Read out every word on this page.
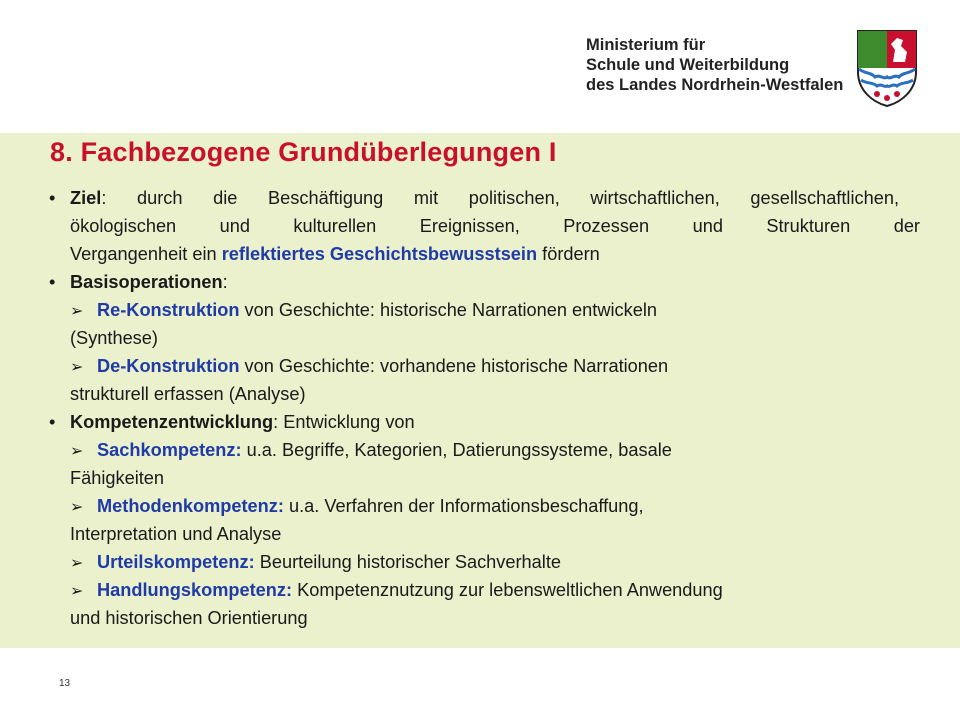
Ministerium für
Schule und Weiterbildung
des Landes Nordrhein-Westfalen
8. Fachbezogene Grundüberlegungen I
• Ziel: durch die Beschäftigung mit politischen, wirtschaftlichen, gesellschaftlichen,
ökologischen und kulturellen Ereignissen, Prozessen und Strukturen der
Vergangenheit ein reflektiertes Geschichtsbewusstsein fördern
• Basisoperationen:
➢ Re-Konstruktion von Geschichte: historische Narrationen entwickeln
(Synthese)
➢ De-Konstruktion von Geschichte: vorhandene historische Narrationen
strukturell erfassen (Analyse)
• Kompetenzentwicklung: Entwicklung von
➢ Sachkompetenz: u.a. Begriffe, Kategorien, Datierungssysteme, basale
Fähigkeiten
➢ Methodenkompetenz: u.a. Verfahren der Informationsbeschaffung,
Interpretation und Analyse
➢ Urteilskompetenz: Beurteilung historischer Sachverhalte
➢ Handlungskompetenz: Kompetenznutzung zur lebensweltlichen Anwendung
und historischen Orientierung
13
